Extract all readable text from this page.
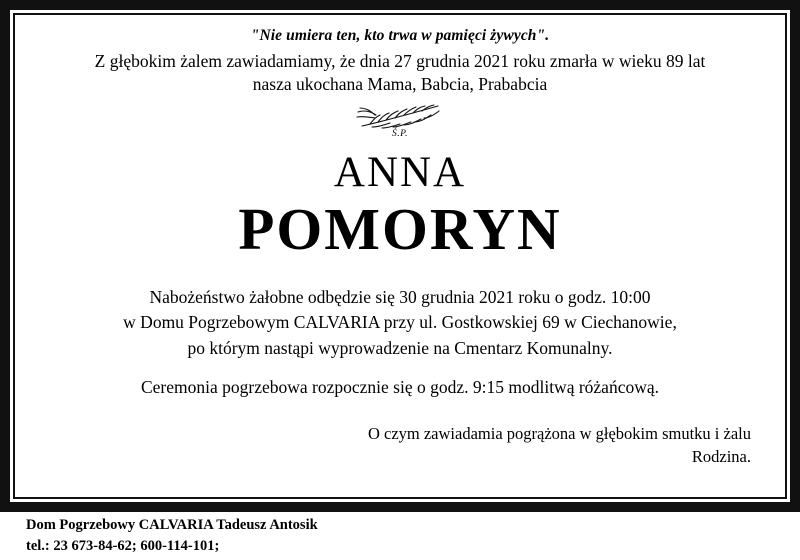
"Nie umiera ten, kto trwa w pamięci żywych".
Z głębokim żalem zawiadamiamy, że dnia 27 grudnia 2021 roku zmarła w wieku 89 lat
nasza ukochana Mama, Babcia, Prababcia
Ś.P.
ANNA
POMORYN
Nabożeństwo żałobne odbędzie się 30 grudnia 2021 roku o godz. 10:00
w Domu Pogrzebowym CALVARIA przy ul. Gostkowskiej 69 w Ciechanowie,
po którym nastąpi wyprowadzenie na Cmentarz Komunalny.
Ceremonia pogrzebowa rozpocznie się o godz. 9:15 modlitwą różańcową.
O czym zawiadamia pogrążona w głębokim smutku i żalu
Rodzina.
Dom Pogrzebowy CALVARIA Tadeusz Antosik
tel.: 23 673-84-62; 600-114-101;
